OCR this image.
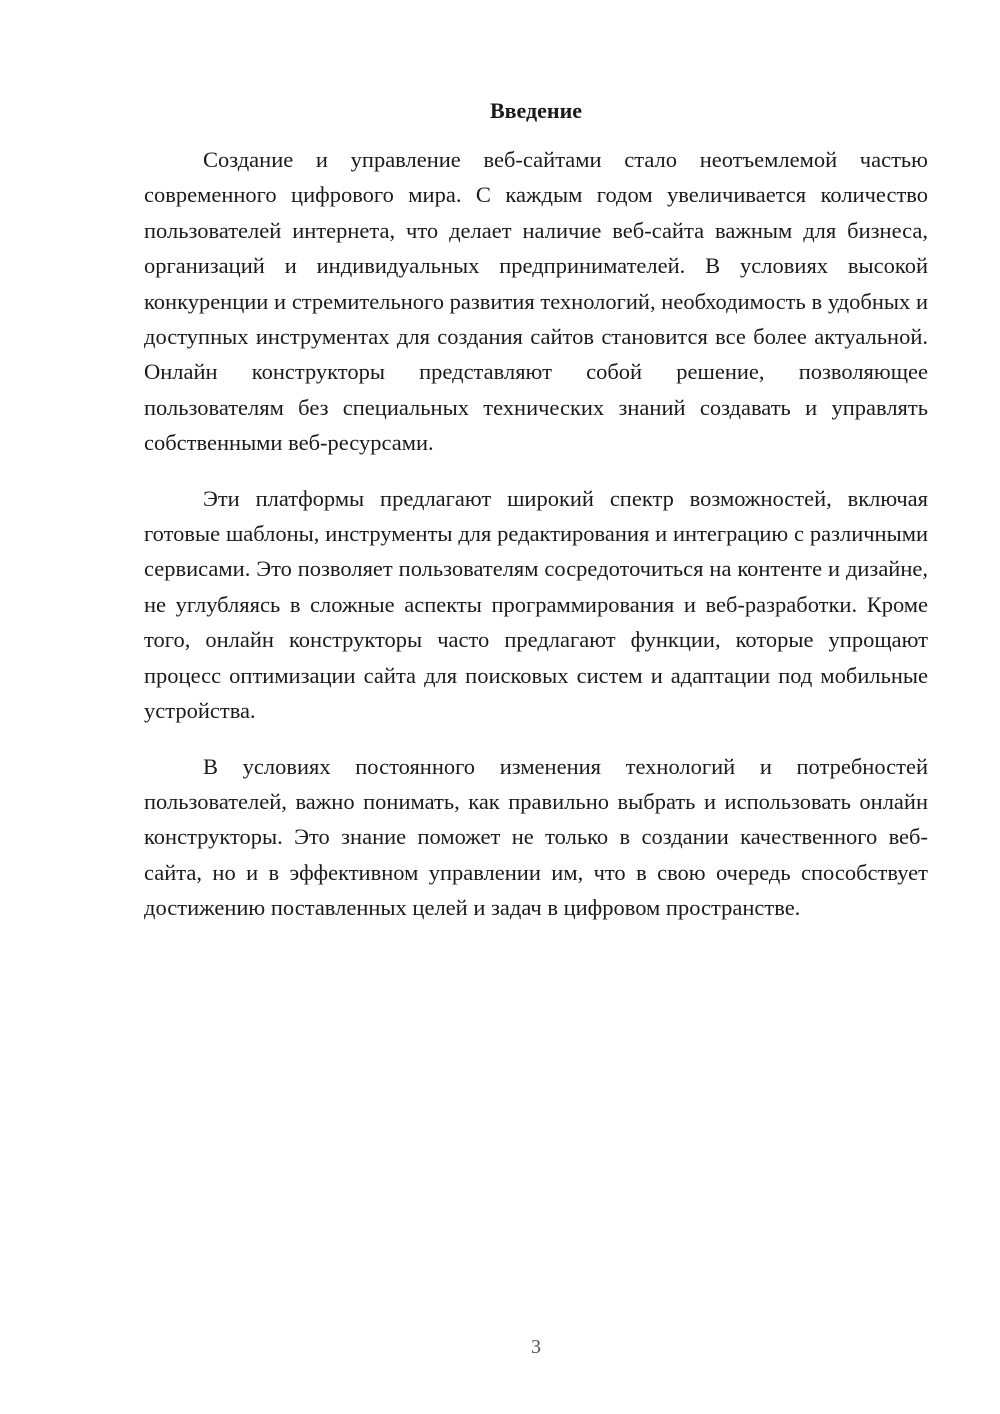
Введение

Создание и управление веб-сайтами стало неотъемлемой частью современного цифрового мира. С каждым годом увеличивается количество пользователей интернета, что делает наличие веб-сайта важным для бизнеса, организаций и индивидуальных предпринимателей. В условиях высокой конкуренции и стремительного развития технологий, необходимость в удобных и доступных инструментах для создания сайтов становится все более актуальной. Онлайн конструкторы представляют собой решение, позволяющее пользователям без специальных технических знаний создавать и управлять собственными веб-ресурсами.

Эти платформы предлагают широкий спектр возможностей, включая готовые шаблоны, инструменты для редактирования и интеграцию с различными сервисами. Это позволяет пользователям сосредоточиться на контенте и дизайне, не углубляясь в сложные аспекты программирования и веб-разработки. Кроме того, онлайн конструкторы часто предлагают функции, которые упрощают процесс оптимизации сайта для поисковых систем и адаптации под мобильные устройства.

В условиях постоянного изменения технологий и потребностей пользователей, важно понимать, как правильно выбрать и использовать онлайн конструкторы. Это знание поможет не только в создании качественного веб-сайта, но и в эффективном управлении им, что в свою очередь способствует достижению поставленных целей и задач в цифровом пространстве.

3
